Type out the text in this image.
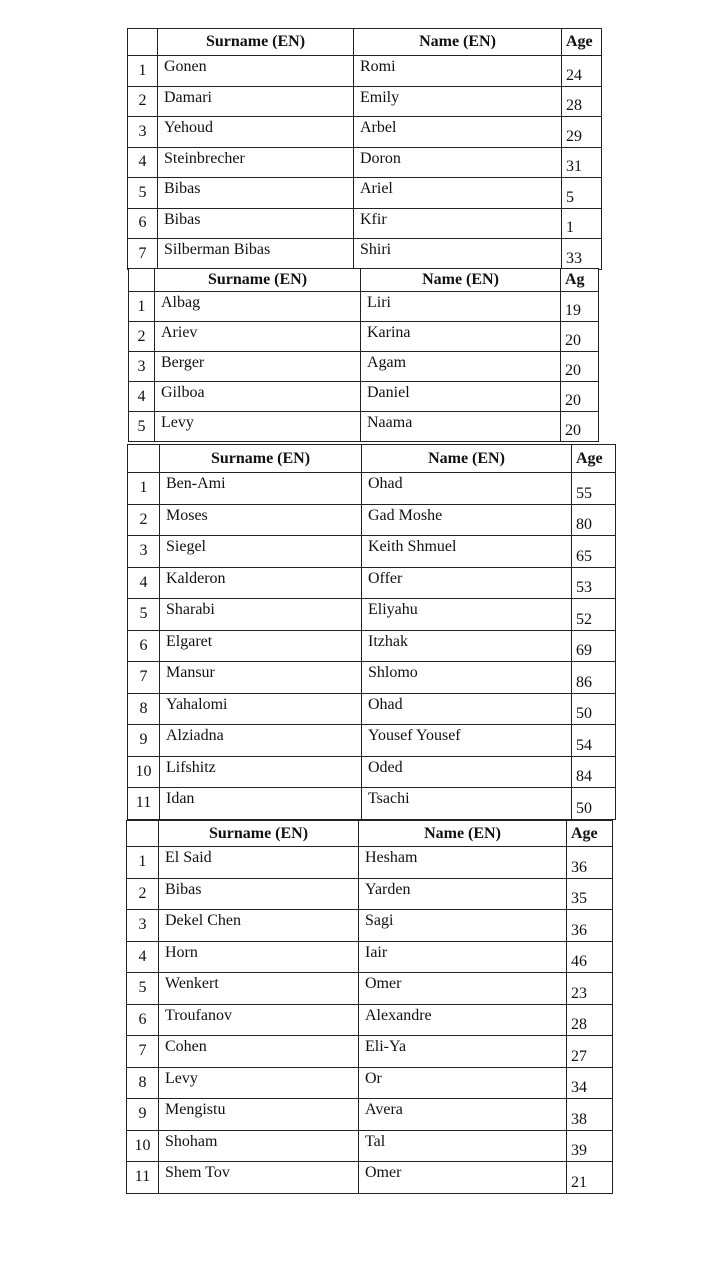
	Surname (EN)	Name (EN)	Age
1	Gonen	Romi	24
2	Damari	Emily	28
3	Yehoud	Arbel	29
4	Steinbrecher	Doron	31
5	Bibas	Ariel	5
6	Bibas	Kfir	1
7	Silberman Bibas	Shiri	33
	Surname (EN)	Name (EN)	Ag
1	Albag	Liri	19
2	Ariev	Karina	20
3	Berger	Agam	20
4	Gilboa	Daniel	20
5	Levy	Naama	20
	Surname (EN)	Name (EN)	Age
1	Ben-Ami	Ohad	55
2	Moses	Gad Moshe	80
3	Siegel	Keith Shmuel	65
4	Kalderon	Offer	53
5	Sharabi	Eliyahu	52
6	Elgaret	Itzhak	69
7	Mansur	Shlomo	86
8	Yahalomi	Ohad	50
9	Alziadna	Yousef Yousef	54
10	Lifshitz	Oded	84
11	Idan	Tsachi	50
	Surname (EN)	Name (EN)	Age
1	El Said	Hesham	36
2	Bibas	Yarden	35
3	Dekel Chen	Sagi	36
4	Horn	Iair	46
5	Wenkert	Omer	23
6	Troufanov	Alexandre	28
7	Cohen	Eli-Ya	27
8	Levy	Or	34
9	Mengistu	Avera	38
10	Shoham	Tal	39
11	Shem Tov	Omer	21
